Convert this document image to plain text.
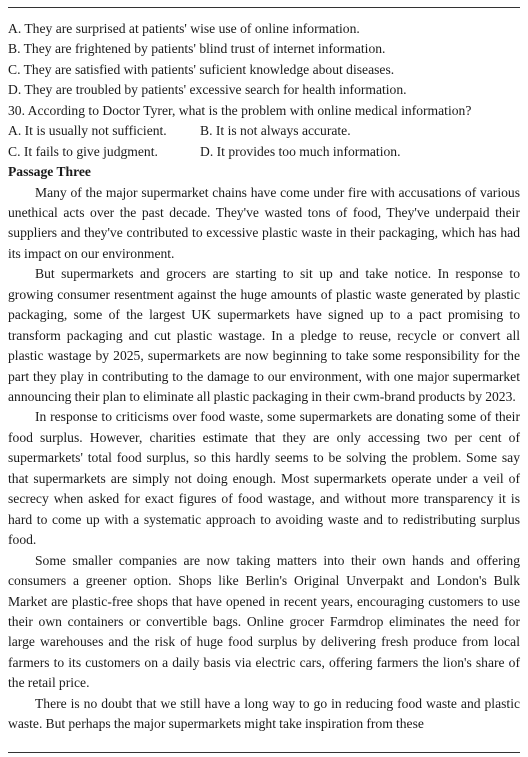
A. They are surprised at patients' wise use of online information.
B. They are frightened by patients' blind trust of internet information.
C. They are satisfied with patients' suficient knowledge about diseases.
D. They are troubled by patients' excessive search for health information.
30. According to Doctor Tyrer, what is the problem with online medical information?
A. It is usually not sufficient. B. It is not always accurate.
C. It fails to give judgment.	D. It provides too much information.
Passage Three

Many of the major supermarket chains have come under fire with accusations of various unethical acts over the past decade. They've wasted tons of food, They've underpaid their suppliers and they've contributed to excessive plastic waste in their packaging, which has had its impact on our environment.

But supermarkets and grocers are starting to sit up and take notice. In response to growing consumer resentment against the huge amounts of plastic waste generated by plastic packaging, some of the largest UK supermarkets have signed up to a pact promising to transform packaging and cut plastic wastage. In a pledge to reuse, recycle or convert all plastic wastage by 2025, supermarkets are now beginning to take some responsibility for the part they play in contributing to the damage to our environment, with one major supermarket announcing their plan to eliminate all plastic packaging in their cwm-brand products by 2023.

In response to criticisms over food waste, some supermarkets are donating some of their food surplus. However, charities estimate that they are only accessing two per cent of supermarkets' total food surplus, so this hardly seems to be solving the problem. Some say that supermarkets are simply not doing enough. Most supermarkets operate under a veil of secrecy when asked for exact figures of food wastage, and without more transparency it is hard to come up with a systematic approach to avoiding waste and to redistributing surplus food.

Some smaller companies are now taking matters into their own hands and offering consumers a greener option. Shops like Berlin's Original Unverpakt and London's Bulk Market are plastic-free shops that have opened in recent years, encouraging customers to use their own containers or convertible bags. Online grocer Farmdrop eliminates the need for large warehouses and the risk of huge food surplus by delivering fresh produce from local farmers to its customers on a daily basis via electric cars, offering farmers the lion's share of the retail price.

There is no doubt that we still have a long way to go in reducing food waste and plastic waste. But perhaps the major supermarkets might take inspiration from these
